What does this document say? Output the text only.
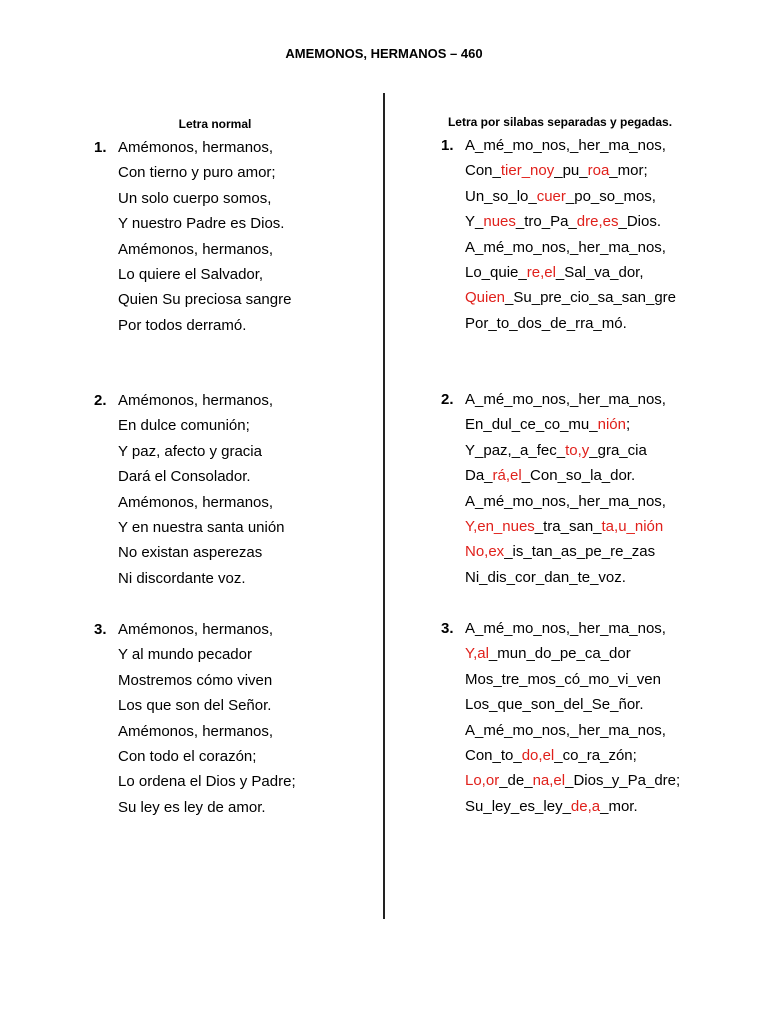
AMEMONOS, HERMANOS – 460
Letra normal	Letra por silabas separadas y pegadas.
1. Amémonos, hermanos,
Con tierno y puro amor;
Un solo cuerpo somos,
Y nuestro Padre es Dios.
Amémonos, hermanos,
Lo quiere el Salvador,
Quien Su preciosa sangre
Por todos derramó.
2. Amémonos, hermanos,
En dulce comunión;
Y paz, afecto y gracia
Dará el Consolador.
Amémonos, hermanos,
Y en nuestra santa unión
No existan asperezas
Ni discordante voz.
3. Amémonos, hermanos,
Y al mundo pecador
Mostremos cómo viven
Los que son del Señor.
Amémonos, hermanos,
Con todo el corazón;
Lo ordena el Dios y Padre;
Su ley es ley de amor.
1. A_mé_mo_nos,_her_ma_nos,
Con_tier_noy_pu_roa_mor;
Un_so_lo_cuer_po_so_mos,
Y_nues_tro_Pa_dre,es_Dios.
A_mé_mo_nos,_her_ma_nos,
Lo_quie_re,el_Sal_va_dor,
Quien_Su_pre_cio_sa_san_gre
Por_to_dos_de_rra_mó.
2. A_mé_mo_nos,_her_ma_nos,
En_dul_ce_co_mu_nión;
Y_paz,_a_fec_to,y_gra_cia
Da_rá,el_Con_so_la_dor.
A_mé_mo_nos,_her_ma_nos,
Y,en_nues_tra_san_ta,u_nión
No,ex_is_tan_as_pe_re_zas
Ni_dis_cor_dan_te_voz.
3. A_mé_mo_nos,_her_ma_nos,
Y,al_mun_do_pe_ca_dor
Mos_tre_mos_có_mo_vi_ven
Los_que_son_del_Se_ñor.
A_mé_mo_nos,_her_ma_nos,
Con_to_do,el_co_ra_zón;
Lo,or_de_na,el_Dios_y_Pa_dre;
Su_ley_es_ley_de,a_mor.
